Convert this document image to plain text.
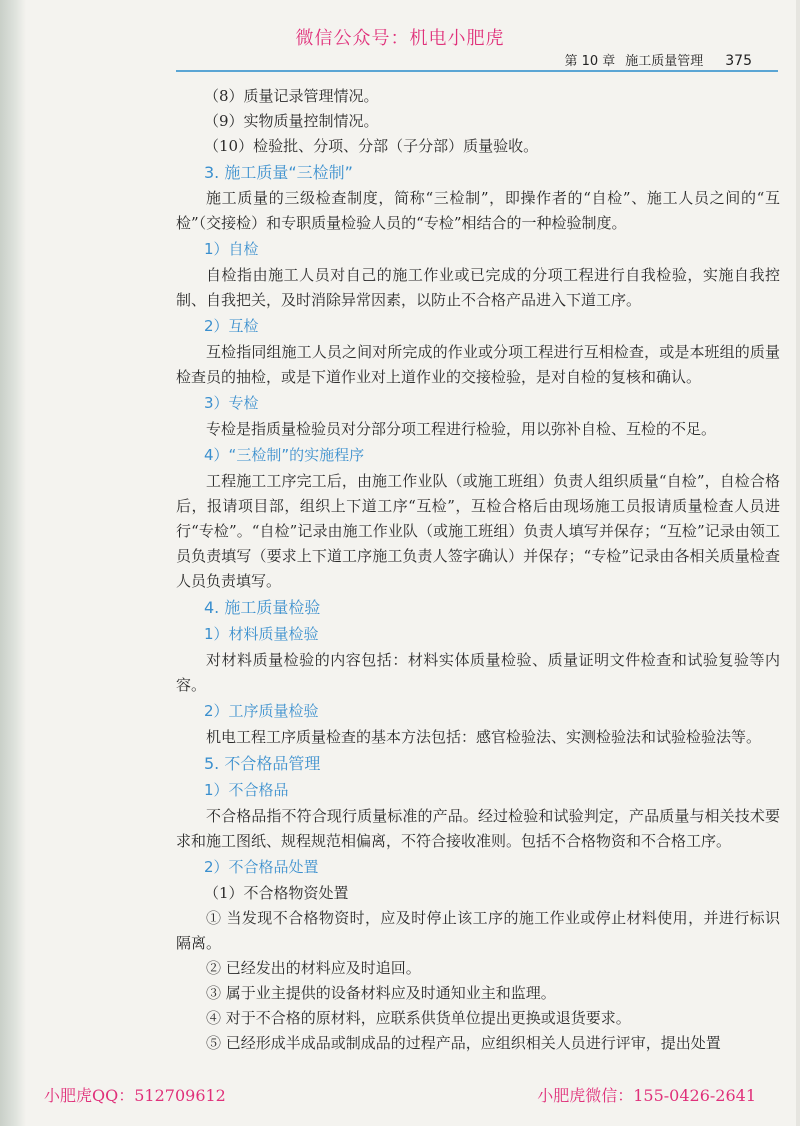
微信公众号：机电小肥虎
第 10 章 施工质量管理 375

（8）质量记录管理情况。

（9）实物质量控制情况。

（10）检验批、分项、分部（子分部）质量验收。

3. 施工质量“三检制”

施工质量的三级检查制度，简称“三检制”，即操作者的“自检”、施工人员之间的“互检”（交接检）和专职质量检验人员的“专检”相结合的一种检验制度。

1）自检

自检指由施工人员对自己的施工作业或已完成的分项工程进行自我检验，实施自我控制、自我把关，及时消除异常因素，以防止不合格产品进入下道工序。

2）互检

互检指同组施工人员之间对所完成的作业或分项工程进行互相检查，或是本班组的质量检查员的抽检，或是下道作业对上道作业的交接检验，是对自检的复核和确认。

3）专检

专检是指质量检验员对分部分项工程进行检验，用以弥补自检、互检的不足。

4）“三检制”的实施程序

工程施工工序完工后，由施工作业队（或施工班组）负责人组织质量“自检”，自检合格后，报请项目部，组织上下道工序“互检”，互检合格后由现场施工员报请质量检查人员进行“专检”。“自检”记录由施工作业队（或施工班组）负责人填写并保存；“互检”记录由领工员负责填写（要求上下道工序施工负责人签字确认）并保存；“专检”记录由各相关质量检查人员负责填写。

4. 施工质量检验

1）材料质量检验

对材料质量检验的内容包括：材料实体质量检验、质量证明文件检查和试验复验等内容。

2）工序质量检验

机电工程工序质量检查的基本方法包括：感官检验法、实测检验法和试验检验法等。

5. 不合格品管理

1）不合格品

不合格品指不符合现行质量标准的产品。经过检验和试验判定，产品质量与相关技术要求和施工图纸、规程规范相偏离，不符合接收准则。包括不合格物资和不合格工序。

2）不合格品处置

（1）不合格物资处置

① 当发现不合格物资时，应及时停止该工序的施工作业或停止材料使用，并进行标识隔离。

② 已经发出的材料应及时追回。

③ 属于业主提供的设备材料应及时通知业主和监理。

④ 对于不合格的原材料，应联系供货单位提出更换或退货要求。

⑤ 已经形成半成品或制成品的过程产品，应组织相关人员进行评审，提出处置

小肥虎QQ：512709612	小肥虎微信：155-0426-2641
